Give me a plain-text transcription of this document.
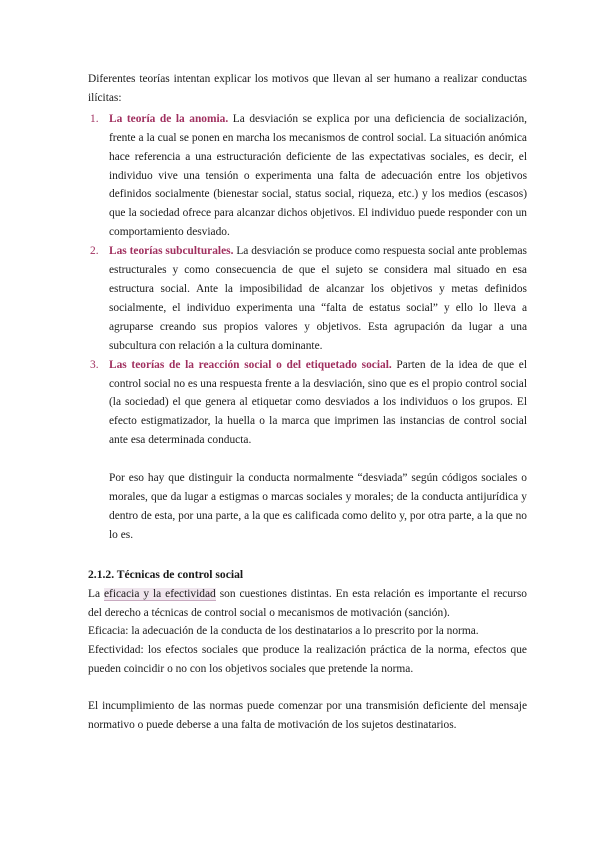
Diferentes teorías intentan explicar los motivos que llevan al ser humano a realizar conductas ilícitas:

1. La teoría de la anomia. La desviación se explica por una deficiencia de socialización, frente a la cual se ponen en marcha los mecanismos de control social. La situación anómica hace referencia a una estructuración deficiente de las expectativas sociales, es decir, el individuo vive una tensión o experimenta una falta de adecuación entre los objetivos definidos socialmente (bienestar social, status social, riqueza, etc.) y los medios (escasos) que la sociedad ofrece para alcanzar dichos objetivos. El individuo puede responder con un comportamiento desviado.
2. Las teorías subculturales. La desviación se produce como respuesta social ante problemas estructurales y como consecuencia de que el sujeto se considera mal situado en esa estructura social. Ante la imposibilidad de alcanzar los objetivos y metas definidos socialmente, el individuo experimenta una “falta de estatus social” y ello lo lleva a agruparse creando sus propios valores y objetivos. Esta agrupación da lugar a una subcultura con relación a la cultura dominante.
3. Las teorías de la reacción social o del etiquetado social. Parten de la idea de que el control social no es una respuesta frente a la desviación, sino que es el propio control social (la sociedad) el que genera al etiquetar como desviados a los individuos o los grupos. El efecto estigmatizador, la huella o la marca que imprimen las instancias de control social ante esa determinada conducta.

Por eso hay que distinguir la conducta normalmente “desviada” según códigos sociales o morales, que da lugar a estigmas o marcas sociales y morales; de la conducta antijurídica y dentro de esta, por una parte, a la que es calificada como delito y, por otra parte, a la que no lo es.

2.1.2. Técnicas de control social

La eficacia y la efectividad son cuestiones distintas. En esta relación es importante el recurso del derecho a técnicas de control social o mecanismos de motivación (sanción).

Eficacia: la adecuación de la conducta de los destinatarios a lo prescrito por la norma.

Efectividad: los efectos sociales que produce la realización práctica de la norma, efectos que pueden coincidir o no con los objetivos sociales que pretende la norma.

El incumplimiento de las normas puede comenzar por una transmisión deficiente del mensaje normativo o puede deberse a una falta de motivación de los sujetos destinatarios.
